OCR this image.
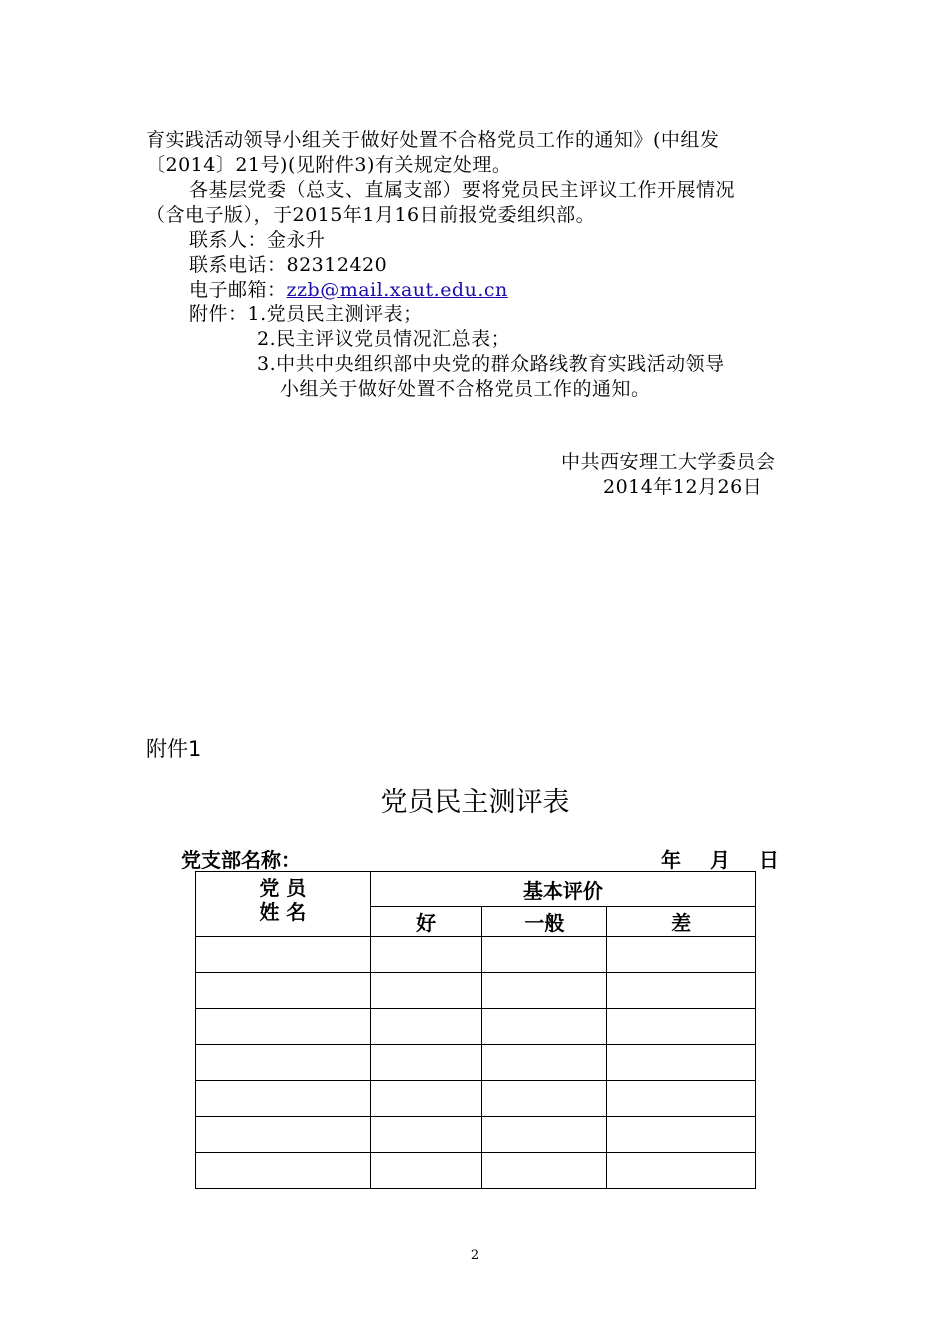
育实践活动领导小组关于做好处置不合格党员工作的通知》(中组发
〔2014〕21号)(见附件3)有关规定处理。
各基层党委（总支、直属支部）要将党员民主评议工作开展情况
（含电子版），于2015年1月16日前报党委组织部。
联系人：金永升
联系电话：82312420
电子邮箱：zzb@mail.xaut.edu.cn
附件：1.党员民主测评表；
2.民主评议党员情况汇总表；
3.中共中央组织部中央党的群众路线教育实践活动领导
小组关于做好处置不合格党员工作的通知。
中共西安理工大学委员会
2014年12月26日
附件1
党员民主测评表
党支部名称：	年 月 日
党 员
姓 名	基本评价		
	好	一般	差

2
